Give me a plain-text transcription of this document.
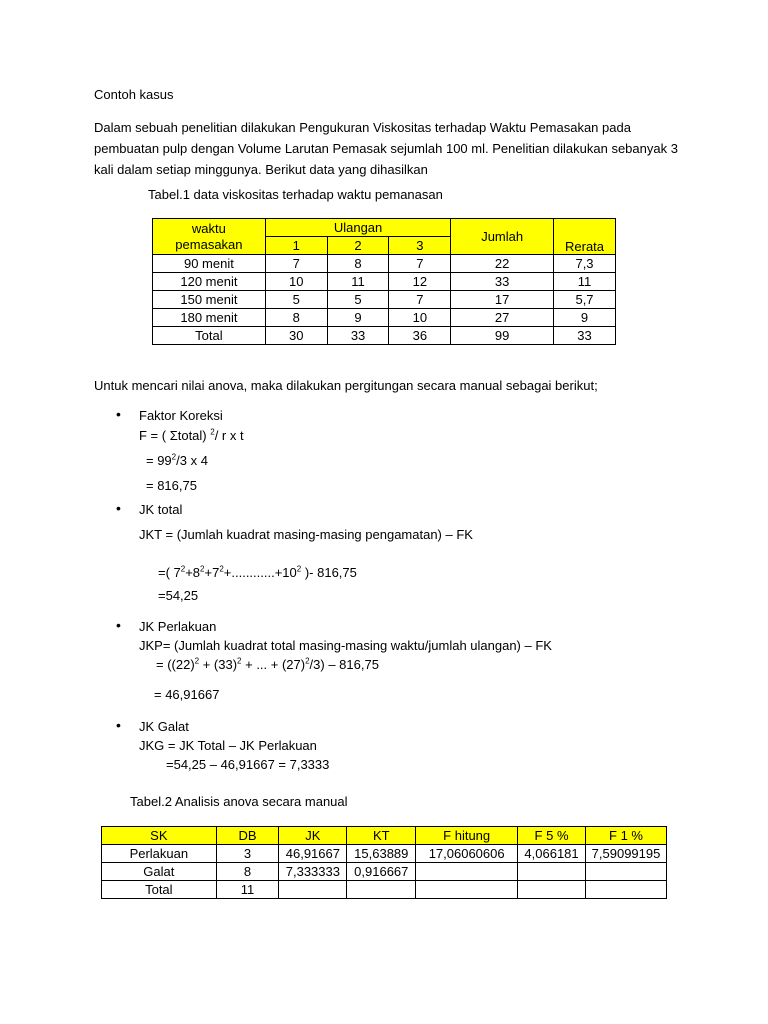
Contoh kasus
Dalam sebuah penelitian dilakukan Pengukuran Viskositas terhadap Waktu Pemasakan pada
pembuatan pulp dengan Volume Larutan Pemasak sejumlah 100 ml. Penelitian dilakukan sebanyak 3
kali dalam setiap minggunya. Berikut data yang dihasilkan
Tabel.1 data viskositas terhadap waktu pemanasan
waktu
pemasakan	Ulangan			Jumlah	Rerata
	1	2	3		
90 menit	7	8	7	22	7,3
120 menit	10	11	12	33	11
150 menit	5	5	7	17	5,7
180 menit	8	9	10	27	9
Total	30	33	36	99	33
Untuk mencari nilai anova, maka dilakukan pergitungan secara manual sebagai berikut;
• Faktor Koreksi
F = ( Σtotal) $^2$/ r x t
= $99^2/3$ x 4
= 816,75
• JK total
JKT = (Jumlah kuadrat masing-masing pengamatan) – FK
=( $7^2+8^2+7^2+............+10^2$ )- 816,75
=54,25
• JK Perlakuan
JKP= (Jumlah kuadrat total masing-masing waktu/jumlah ulangan) – FK
= ($(22)^2 + (33)^2$ + ... + $(27)^2/3) - 816,75$
= 46,91667
• JK Galat
JKG = JK Total – JK Perlakuan
=54,25 – 46,91667 = 7,3333
Tabel.2 Analisis anova secara manual
SK	DB	JK	KT	F hitung	F 5 %	F 1 %
Perlakuan	3	46,91667	15,63889	17,06060606	4,066181	7,59099195
Galat	8	7,333333	0,916667			
Total	11					
